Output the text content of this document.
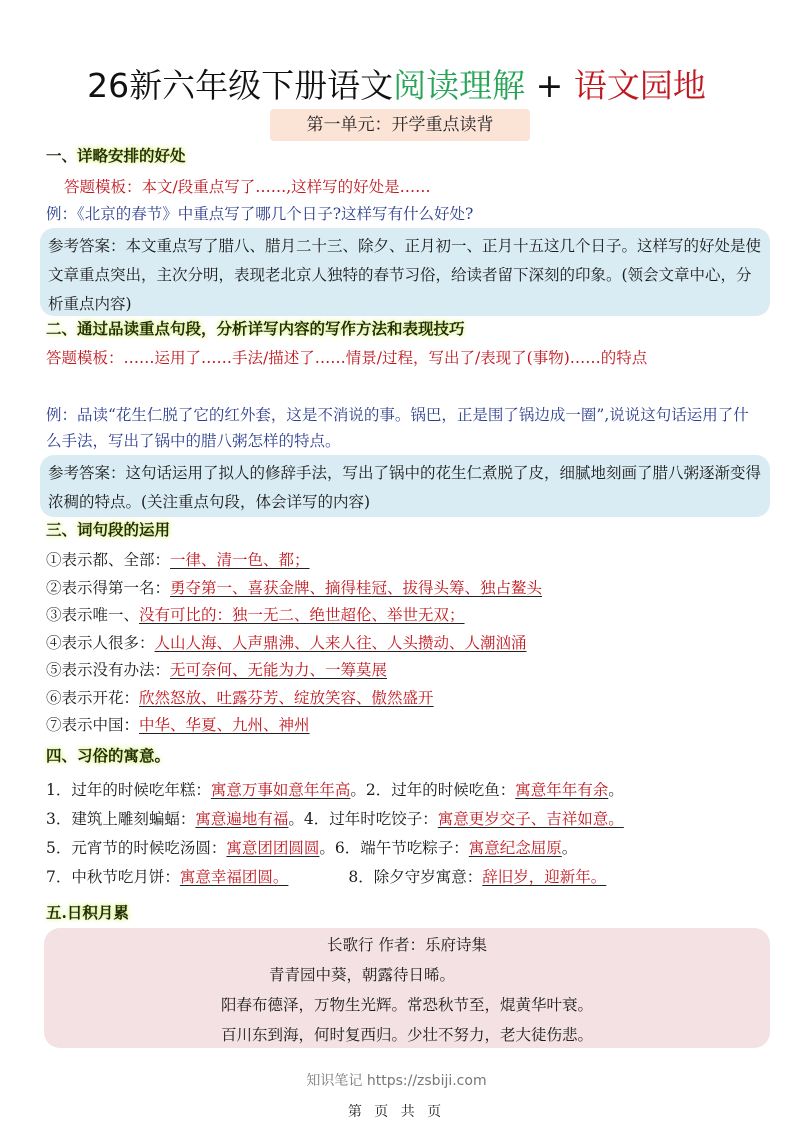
26新六年级下册语文阅读理解 + 语文园地
第一单元：开学重点读背
一、详略安排的好处
答题模板：本文/段重点写了……,这样写的好处是……
例：《北京的春节》中重点写了哪几个日子?这样写有什么好处?
参考答案：本文重点写了腊八、腊月二十三、除夕、正月初一、正月十五这几个日子。这样写的好处是使文章重点突出，主次分明，表现老北京人独特的春节习俗，给读者留下深刻的印象。(领会文章中心，分析重点内容)
二、通过品读重点句段，分析详写内容的写作方法和表现技巧
答题模板：……运用了……手法/描述了……情景/过程，写出了/表现了(事物)……的特点
例：品读“花生仁脱了它的红外套，这是不消说的事。锅巴，正是围了锅边成一圈”,说说这句话运用了什么手法，写出了锅中的腊八粥怎样的特点。
参考答案：这句话运用了拟人的修辞手法，写出了锅中的花生仁煮脱了皮，细腻地刻画了腊八粥逐渐变得浓稠的特点。(关注重点句段，体会详写的内容)
三、词句段的运用
①表示都、全部：一律、清一色、都；
②表示得第一名：勇夺第一、喜获金牌、摘得桂冠、拔得头筹、独占鳌头
③表示唯一、没有可比的：独一无二、绝世超伦、举世无双；
④表示人很多：人山人海、人声鼎沸、人来人往、人头攒动、人潮汹涌
⑤表示没有办法：无可奈何、无能为力、一筹莫展
⑥表示开花：欣然怒放、吐露芬芳、绽放笑容、傲然盛开
⑦表示中国：中华、华夏、九州、神州
四、习俗的寓意。
1．过年的时候吃年糕：寓意万事如意年年高。2．过年的时候吃鱼：寓意年年有余。
3．建筑上雕刻蝙蝠：寓意遍地有福。4．过年时吃饺子：寓意更岁交子、吉祥如意。
5．元宵节的时候吃汤圆：寓意团团圆圆。6．端午节吃粽子：寓意纪念屈原。
7．中秋节吃月饼：寓意幸福团圆。	8．除夕守岁寓意：辞旧岁，迎新年。
五.日积月累
长歌行 作者：乐府诗集
青青园中葵，朝露待日晞。
阳春布德泽，万物生光辉。常恐秋节至，焜黄华叶衰。
百川东到海，何时复西归。少壮不努力，老大徒伤悲。
知识笔记 https://zsbiji.com
第 页 共 页
